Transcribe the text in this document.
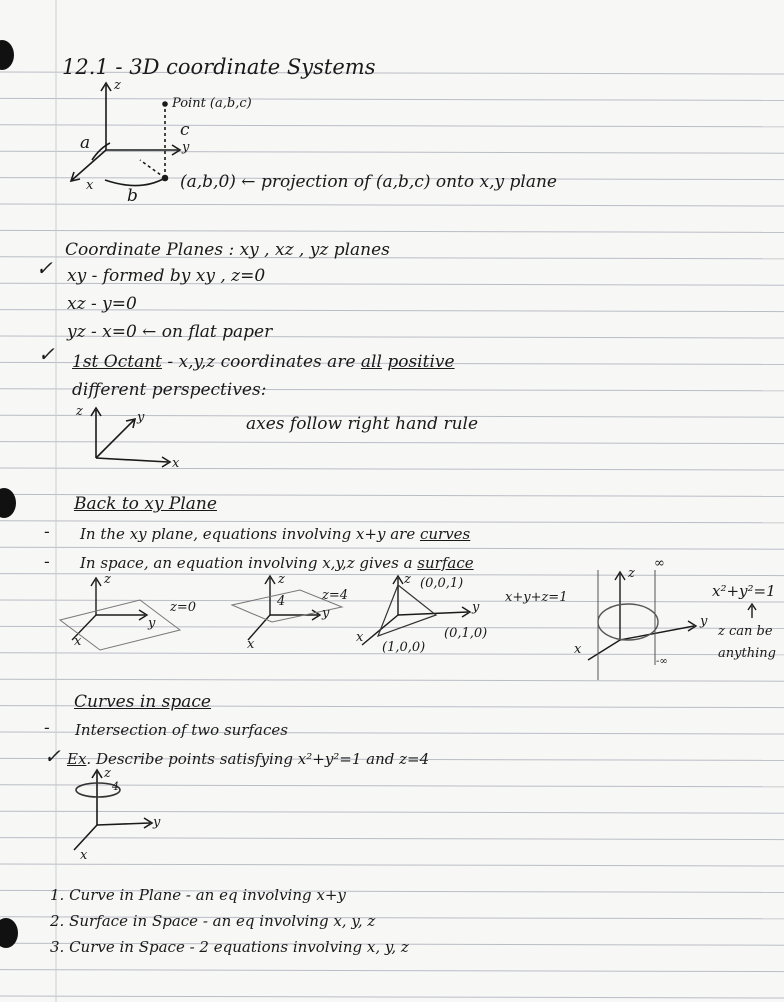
12.1 - 3D coordinate Systems
z
y
x
a
b
c
Point (a,b,c)
(a,b,0) ← projection of (a,b,c) onto x,y plane
✓
Coordinate Planes : xy , xz , yz planes
xy - formed by xy , z=0
xz - y=0
yz - x=0 ← on flat paper
✓ 1st Octant - x,y,z coordinates are all positive
different perspectives:
z	y
x
axes follow right hand rule
Back to xy Plane
- In the xy plane, equations involving x+y are curves
- In space, an equation involving x,y,z gives a surface
z
y
x
z=0
z
4
y
x
z=4
z
y
x
(0,0,1)
(0,1,0)
(1,0,0)
x+y+z=1
z
y
x
∞
-∞
x²+y²=1
z can be
anything
Curves in space
- Intersection of two surfaces
✓ Ex. Describe points satisfying x²+y²=1 and z=4
z
4
y
x
1. Curve in Plane - an eq involving x+y
2. Surface in Space - an eq involving x, y, z
3. Curve in Space - 2 equations involving x, y, z
